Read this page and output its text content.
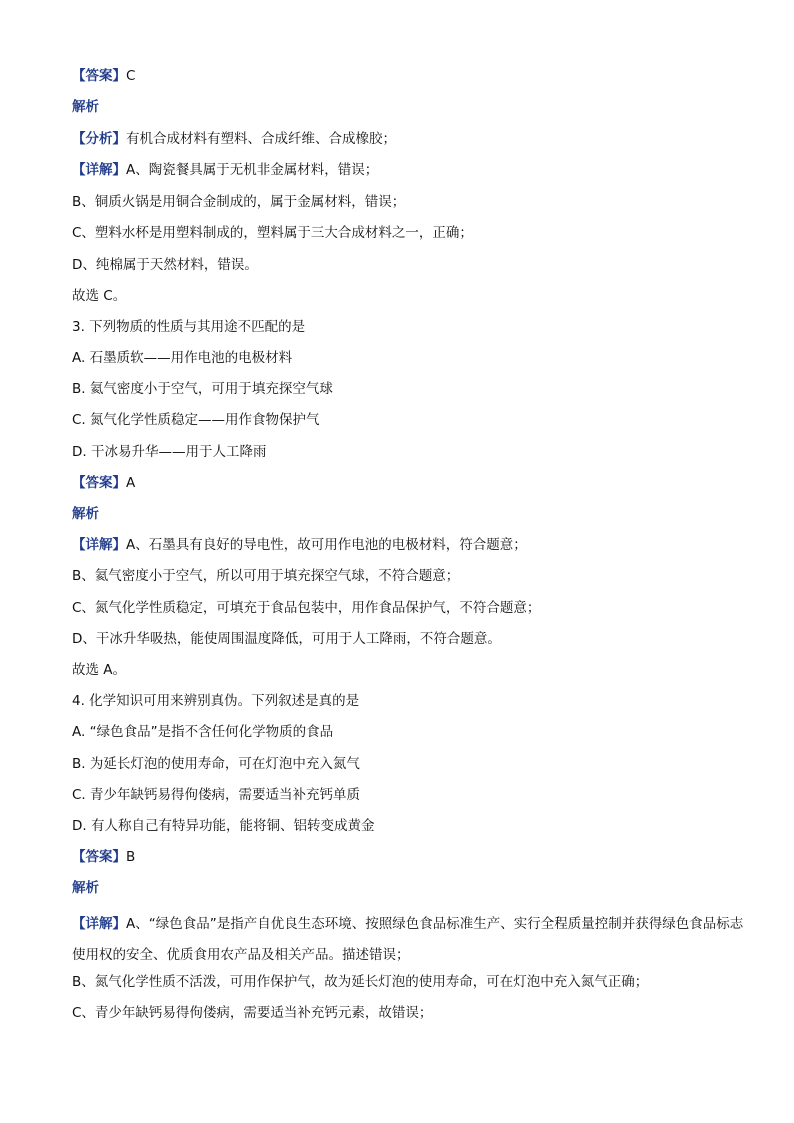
【答案】C
解析
【分析】有机合成材料有塑料、合成纤维、合成橡胶；
【详解】A、陶瓷餐具属于无机非金属材料，错误；
B、铜质火锅是用铜合金制成的，属于金属材料，错误；
C、塑料水杯是用塑料制成的，塑料属于三大合成材料之一，正确；
D、纯棉属于天然材料，错误。
故选 C。
3. 下列物质的性质与其用途不匹配的是
A. 石墨质软——用作电池的电极材料
B. 氦气密度小于空气，可用于填充探空气球
C. 氮气化学性质稳定——用作食物保护气
D. 干冰易升华——用于人工降雨
【答案】A
解析
【详解】A、石墨具有良好的导电性，故可用作电池的电极材料，符合题意；
B、氦气密度小于空气，所以可用于填充探空气球，不符合题意；
C、氮气化学性质稳定，可填充于食品包装中，用作食品保护气，不符合题意；
D、干冰升华吸热，能使周围温度降低，可用于人工降雨，不符合题意。
故选 A。
4. 化学知识可用来辨别真伪。下列叙述是真的是
A. “绿色食品”是指不含任何化学物质的食品
B. 为延长灯泡的使用寿命，可在灯泡中充入氮气
C. 青少年缺钙易得佝偻病，需要适当补充钙单质
D. 有人称自己有特异功能，能将铜、铝转变成黄金
【答案】B
解析
【详解】A、“绿色食品”是指产自优良生态环境、按照绿色食品标准生产、实行全程质量控制并获得绿色食品标志使用权的安全、优质食用农产品及相关产品。描述错误；
B、氮气化学性质不活泼，可用作保护气，故为延长灯泡的使用寿命，可在灯泡中充入氮气正确；
C、青少年缺钙易得佝偻病，需要适当补充钙元素，故错误；
